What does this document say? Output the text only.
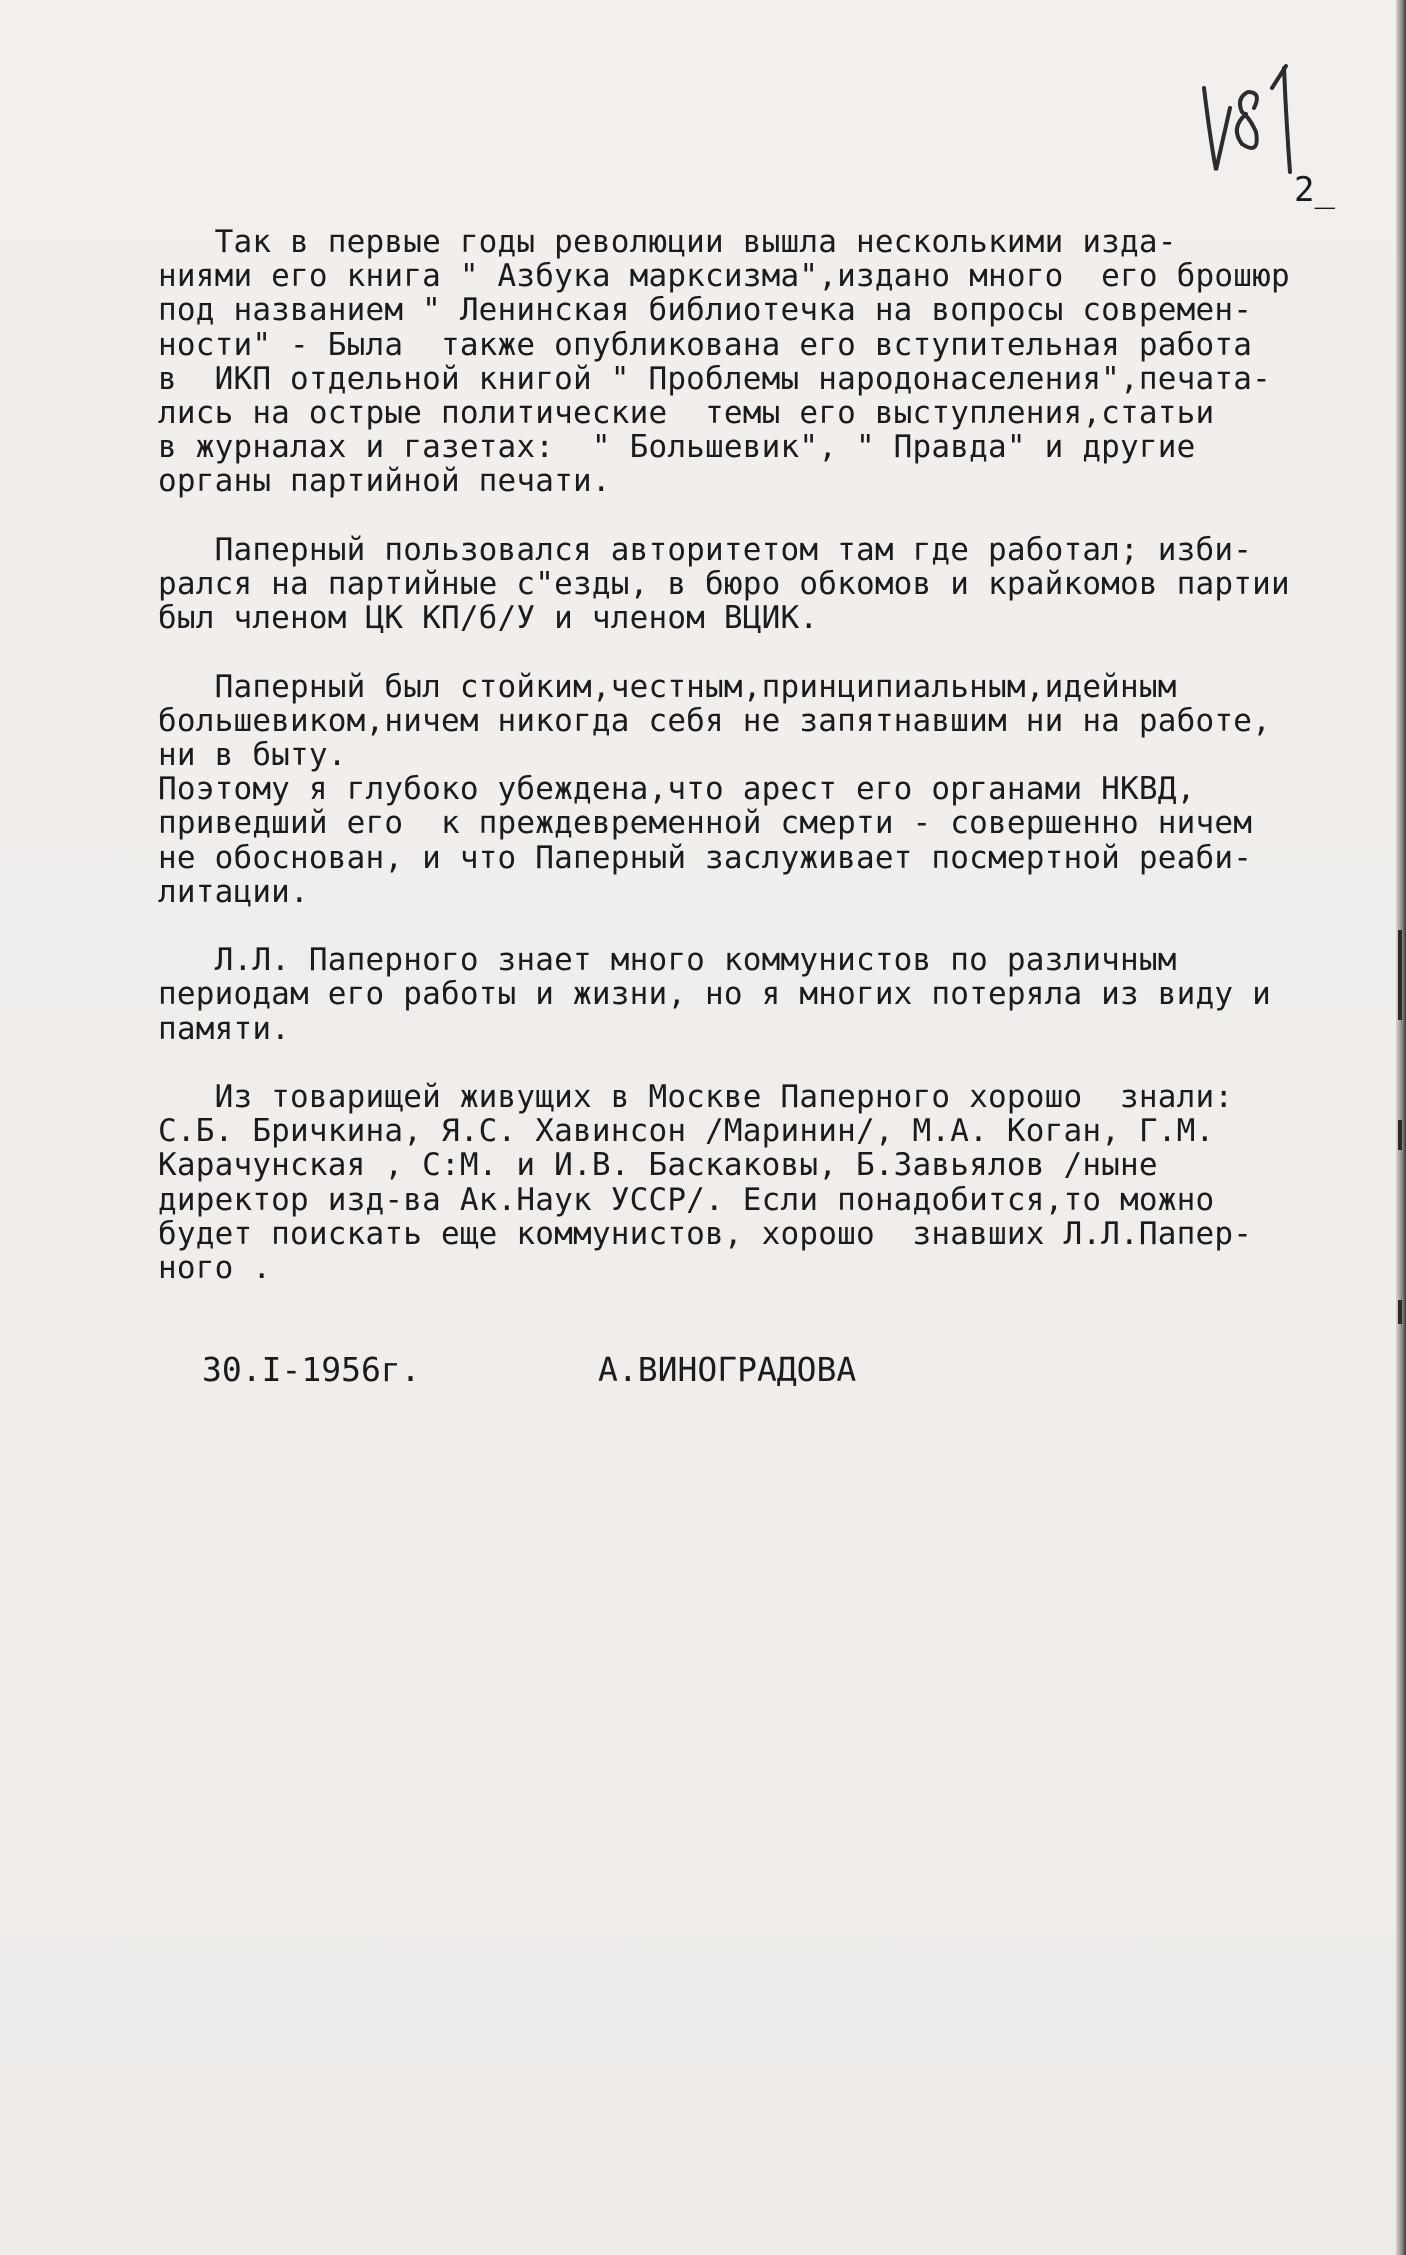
2_
Так в первые годы революции вышла несколькими изда-
ниями его книга " Азбука марксизма",издано много  его брошюр
под названием " Ленинская библиотечка на вопросы современ-
ности" - Была  также опубликована его вступительная работа
в  ИКП отдельной книгой " Проблемы народонаселения",печата-
лись на острые политические  темы его выступления,статьи
в журналах и газетах:  " Большевик", " Правда" и другие
органы партийной печати.
Паперный пользовался авторитетом там где работал; изби-
рался на партийные с"езды, в бюро обкомов и крайкомов партии
был членом ЦК КП/б/У и членом ВЦИК.
Паперный был стойким,честным,принципиальным,идейным
большевиком,ничем никогда себя не запятнавшим ни на работе,
ни в быту.
Поэтому я глубоко убеждена,что арест его органами НКВД,
приведший его  к преждевременной смерти - совершенно ничем
не обоснован, и что Паперный заслуживает посмертной реаби-
литации.
Л.Л. Паперного знает много коммунистов по различным
периодам его работы и жизни, но я многих потеряла из виду и
памяти.
Из товарищей живущих в Москве Паперного хорошо  знали:
С.Б. Бричкина, Я.С. Хавинсон /Маринин/, М.А. Коган, Г.М.
Карачунская , С:М. и И.В. Баскаковы, Б.Завьялов /ныне
директор изд-ва Ак.Наук УССР/. Если понадобится,то можно
будет поискать еще коммунистов, хорошо  знавших Л.Л.Папер-
ного .
30.I-1956г.	А.ВИНОГРАДОВА
